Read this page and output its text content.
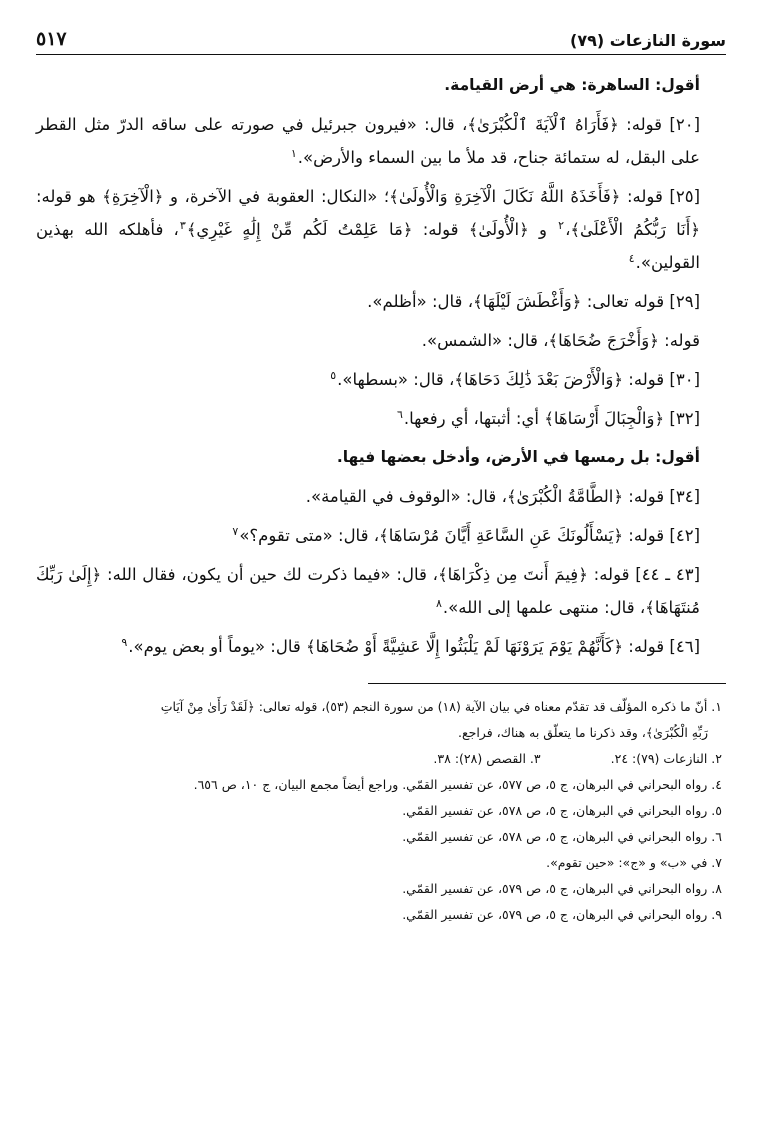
سورة النازعات (٧٩)
٥١٧

أقول: الساهرة: هي أرض القيامة.

[٢٠] قوله: ﴿فَأَرَاهُ ٱلْآيَةَ ٱلْكُبْرَىٰ﴾، قال: «فيرون جبرئيل في صورته على ساقه الدرّ مثل القطر على البقل، له ستمائة جناح، قد ملأ ما بين السماء والأرض».$^١$

[٢٥] قوله: ﴿فَأَخَذَهُ اللَّهُ نَكَالَ الْآخِرَةِ وَالْأُولَىٰ﴾؛ «النكال: العقوبة في الآخرة، و ﴿الْآخِرَةِ﴾ هو قوله: ﴿أَنَا رَبُّكُمُ الْأَعْلَىٰ﴾،$^٢$ و ﴿الْأُولَىٰ﴾ قوله: ﴿مَا عَلِمْتُ لَكُم مِّنْ إِلَٰهٍ غَيْرِي﴾$^٣$، فأهلكه الله بهذين القولين».$^٤$

[٢٩] قوله تعالى: ﴿وَأَغْطَشَ لَيْلَهَا﴾، قال: «أظلم».

قوله: ﴿وَأَخْرَجَ ضُحَاهَا﴾، قال: «الشمس».

[٣٠] قوله: ﴿وَالْأَرْضَ بَعْدَ ذَٰلِكَ دَحَاهَا﴾، قال: «بسطها».$^٥$

[٣٢] ﴿وَالْجِبَالَ أَرْسَاهَا﴾ أي: أثبتها، أي رفعها.$^٦$

أقول: بل رمسها في الأرض، وأدخل بعضها فيها.

[٣٤] قوله: ﴿الطَّامَّةُ الْكُبْرَىٰ﴾، قال: «الوقوف في القيامة».

[٤٢] قوله: ﴿يَسْأَلُونَكَ عَنِ السَّاعَةِ أَيَّانَ مُرْسَاهَا﴾، قال: «متى تقوم؟»$^٧$

[٤٣ ـ ٤٤] قوله: ﴿فِيمَ أَنتَ مِن ذِكْرَاهَا﴾، قال: «فيما ذكرت لك حين أن يكون، فقال الله: ﴿إِلَىٰ رَبِّكَ مُنتَهَاهَا﴾، قال: منتهى علمها إلى الله».$^٨$

[٤٦] قوله: ﴿كَأَنَّهُمْ يَوْمَ يَرَوْنَهَا لَمْ يَلْبَثُوا إِلَّا عَشِيَّةً أَوْ ضُحَاهَا﴾ قال: «يوماً أو بعض يوم».$^٩$

١. أنّ ما ذكره المؤلّف قد تقدّم معناه في بيان الآية (١٨) من سورة النجم (٥٣)، قوله تعالى: ﴿لَقَدْ رَأَىٰ مِنْ آيَاتِ

رَبِّهِ الْكُبْرَىٰ﴾، وقد ذكرنا ما يتعلّق به هناك، فراجع.

٢. النازعات (٧٩): ٢٤.
٣. القصص (٢٨): ٣٨.

٤. رواه البحراني في البرهان، ج ٥، ص ٥٧٧، عن تفسير القمّي. وراجع أيضاً مجمع البيان، ج ١٠، ص ٦٥٦.

٥. رواه البحراني في البرهان، ج ٥، ص ٥٧٨، عن تفسير القمّي.

٦. رواه البحراني في البرهان، ج ٥، ص ٥٧٨، عن تفسير القمّي.

٧. في «ب» و «ج»: «حين تقوم».

٨. رواه البحراني في البرهان، ج ٥، ص ٥٧٩، عن تفسير القمّي.

٩. رواه البحراني في البرهان، ج ٥، ص ٥٧٩، عن تفسير القمّي.
